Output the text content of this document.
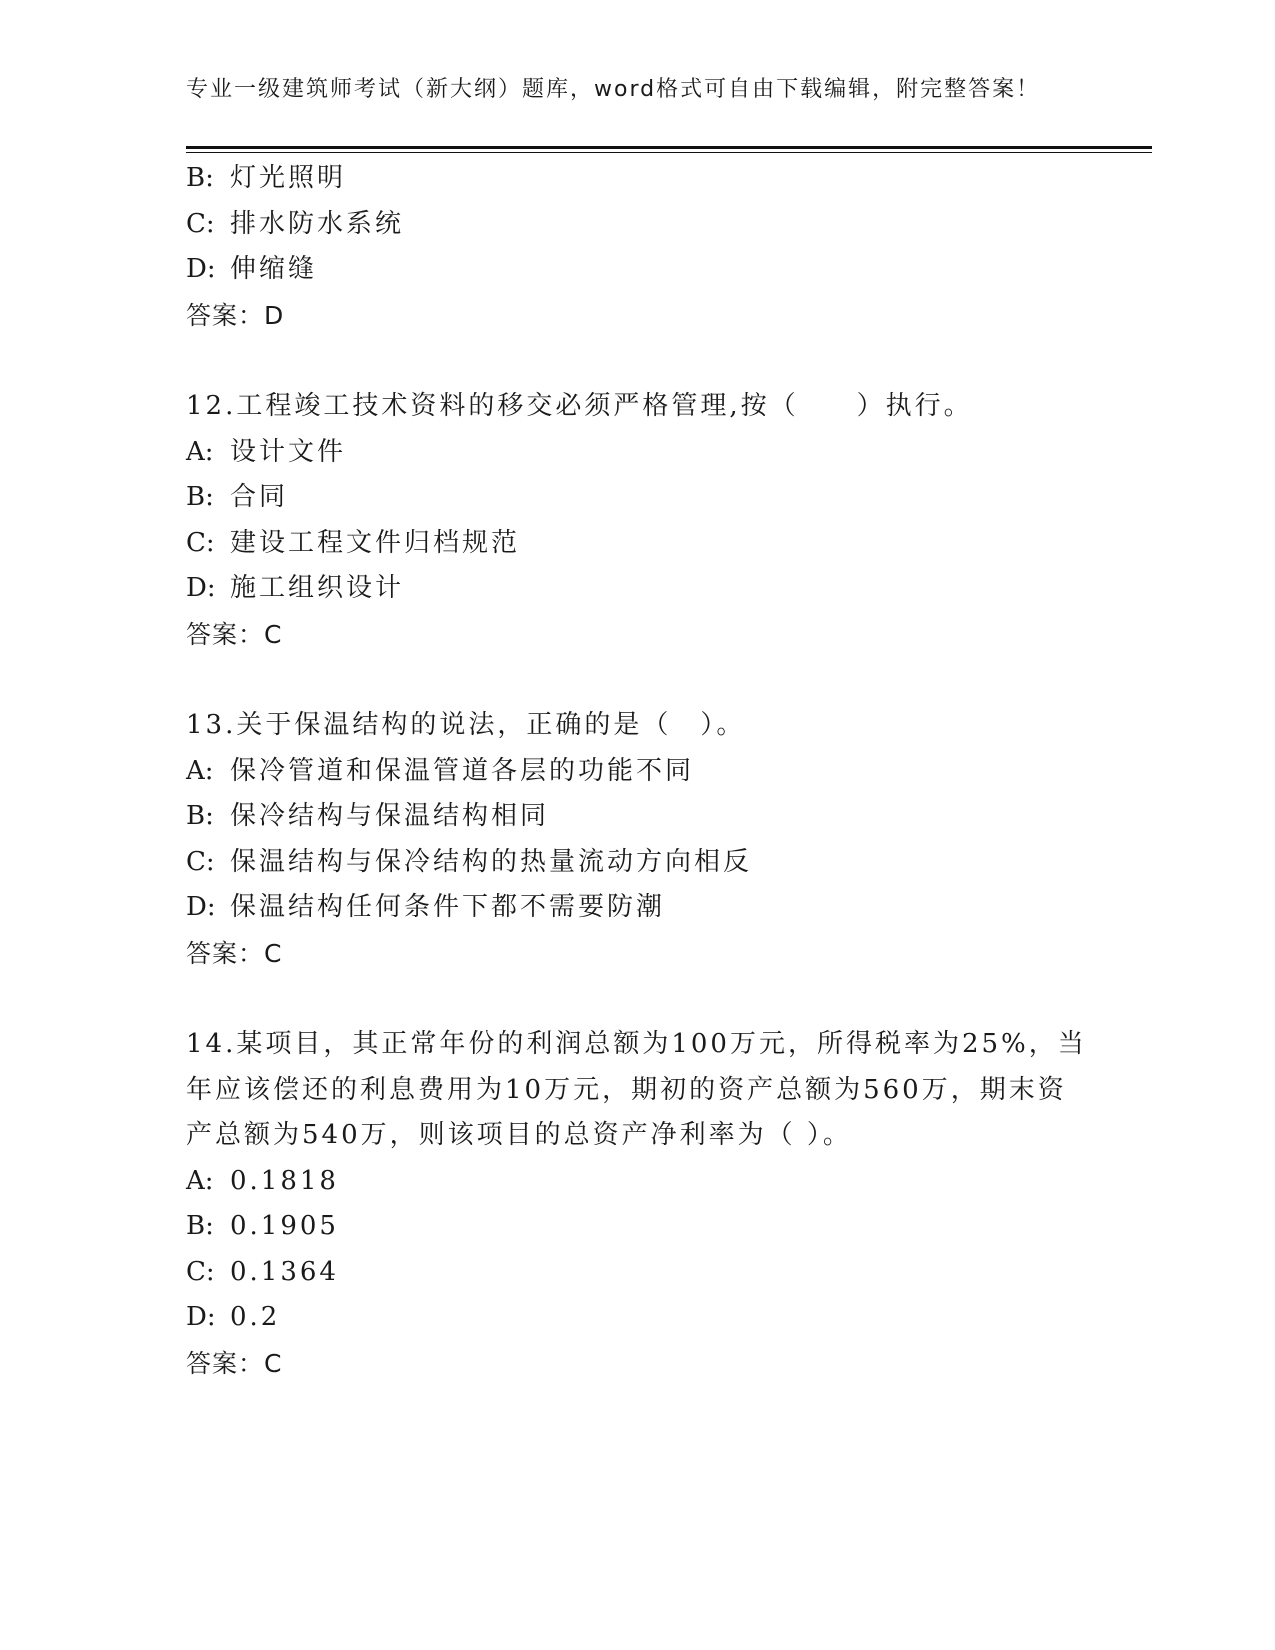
专业一级建筑师考试（新大纲）题库，word格式可自由下载编辑，附完整答案！
B: 灯光照明
C: 排水防水系统
D: 伸缩缝
答案：D
12.工程竣工技术资料的移交必须严格管理,按（　　）执行。
A: 设计文件
B: 合同
C: 建设工程文件归档规范
D: 施工组织设计
答案：C
13.关于保温结构的说法，正确的是（　）。
A: 保冷管道和保温管道各层的功能不同
B: 保冷结构与保温结构相同
C: 保温结构与保冷结构的热量流动方向相反
D: 保温结构任何条件下都不需要防潮
答案：C
14.某项目，其正常年份的利润总额为100万元，所得税率为25%，当
年应该偿还的利息费用为10万元，期初的资产总额为560万，期末资
产总额为540万，则该项目的总资产净利率为（ ）。
A: 0.1818
B: 0.1905
C: 0.1364
D: 0.2
答案：C
